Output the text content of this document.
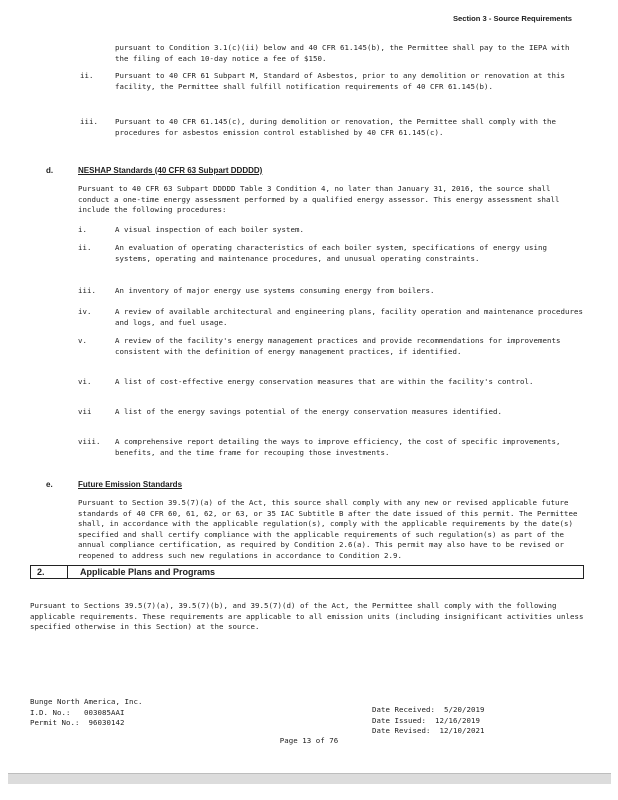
Section 3 - Source Requirements
pursuant to Condition 3.1(c)(ii) below and 40 CFR 61.145(b), the Permittee shall pay to the IEPA with the filing of each 10-day notice a fee of $150.
ii.	Pursuant to 40 CFR 61 Subpart M, Standard of Asbestos, prior to any demolition or renovation at this facility, the Permittee shall fulfill notification requirements of 40 CFR 61.145(b).
iii. Pursuant to 40 CFR 61.145(c), during demolition or renovation, the Permittee shall comply with the procedures for asbestos emission control established by 40 CFR 61.145(c).
d.	NESHAP Standards (40 CFR 63 Subpart DDDDD)
Pursuant to 40 CFR 63 Subpart DDDDD Table 3 Condition 4, no later than January 31, 2016, the source shall conduct a one-time energy assessment performed by a qualified energy assessor. This energy assessment shall include the following procedures:
i.	A visual inspection of each boiler system.
ii.	An evaluation of operating characteristics of each boiler system, specifications of energy using systems, operating and maintenance procedures, and unusual operating constraints.
iii.	An inventory of major energy use systems consuming energy from boilers.
iv.	A review of available architectural and engineering plans, facility operation and maintenance procedures and logs, and fuel usage.
v.	A review of the facility's energy management practices and provide recommendations for improvements consistent with the definition of energy management practices, if identified.
vi.	A list of cost-effective energy conservation measures that are within the facility's control.
vii	A list of the energy savings potential of the energy conservation measures identified.
viii. A comprehensive report detailing the ways to improve efficiency, the cost of specific improvements, benefits, and the time frame for recouping those investments.
e.	Future Emission Standards
Pursuant to Section 39.5(7)(a) of the Act, this source shall comply with any new or revised applicable future standards of 40 CFR 60, 61, 62, or 63, or 35 IAC Subtitle B after the date issued of this permit. The Permittee shall, in accordance with the applicable regulation(s), comply with the applicable requirements by the date(s) specified and shall certify compliance with the applicable requirements of such regulation(s) as part of the annual compliance certification, as required by Condition 2.6(a). This permit may also have to be revised or reopened to address such new regulations in accordance to Condition 2.9.
2.	Applicable Plans and Programs
Pursuant to Sections 39.5(7)(a), 39.5(7)(b), and 39.5(7)(d) of the Act, the Permittee shall comply with the following applicable requirements. These requirements are applicable to all emission units (including insignificant activities unless specified otherwise in this Section) at the source.
Bunge North America, Inc.
I.D. No.:   003085AAI
Permit No.:  96030142
Date Received:  5/20/2019
Date Issued:  12/16/2019
Date Revised:  12/10/2021
Page 13 of 76
